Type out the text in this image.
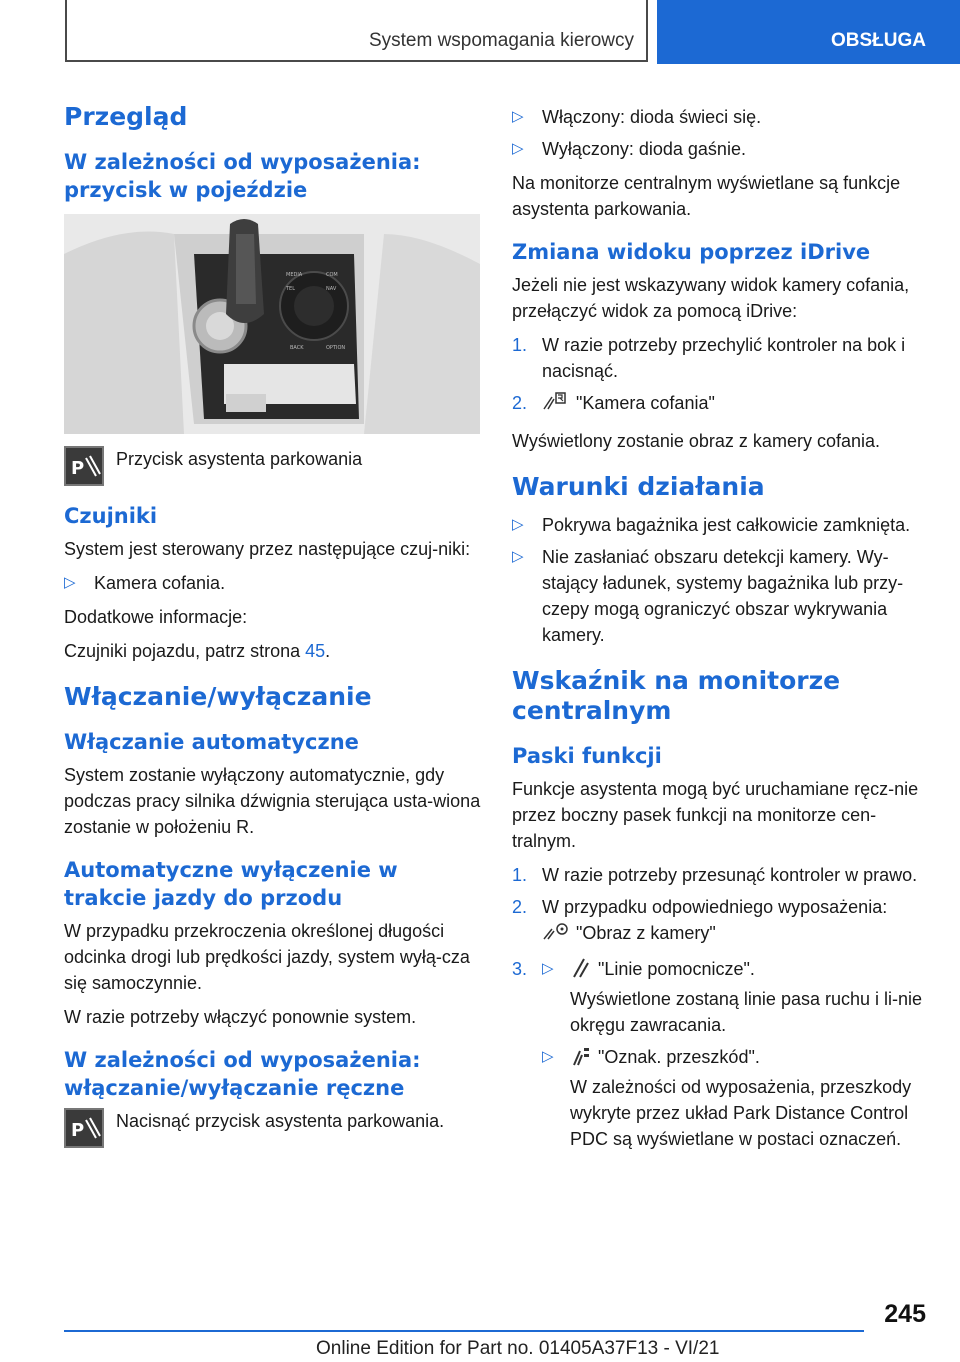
System wspomagania kierowcy	OBSŁUGA
Przegląd
W zależności od wyposażenia: przycisk w pojeździe
MEDIA
TEL	NAV
COM
BACK	OPTION
P Przycisk asystenta parkowania

Czujniki

System jest sterowany przez następujące czuj-niki:

▷ Kamera cofania.

Dodatkowe informacje:

Czujniki pojazdu, patrz strona 45.

Włączanie/wyłączanie
Włączanie automatyczne

System zostanie wyłączony automatycznie, gdy podczas pracy silnika dźwignia sterująca usta-wiona zostanie w położeniu R.

Automatyczne wyłączenie w trakcie jazdy do przodu

W przypadku przekroczenia określonej długości odcinka drogi lub prędkości jazdy, system wyłą-cza się samoczynnie.

W razie potrzeby włączyć ponownie system.

W zależności od wyposażenia: włączanie/wyłączanie ręczne
P Nacisnąć przycisk asystenta parkowania.

▷ Włączony: dioda świeci się.
▷ Wyłączony: dioda gaśnie.

Na monitorze centralnym wyświetlane są funkcje asystenta parkowania.

Zmiana widoku poprzez iDrive

Jeżeli nie jest wskazywany widok kamery cofania, przełączyć widok za pomocą iDrive:

1. W razie potrzeby przechylić kontroler na bok i nacisnąć.
2.	"Kamera cofania"

Wyświetlony zostanie obraz z kamery cofania.

Warunki działania
▷ Pokrywa bagażnika jest całkowicie zamknięta.
▷ Nie zasłaniać obszaru detekcji kamery. Wy-stający ładunek, systemy bagażnika lub przy-czepy mogą ograniczyć obszar wykrywania kamery.
Wskaźnik na monitorze centralnym
Paski funkcji

Funkcje asystenta mogą być uruchamiane ręcz-nie przez boczny pasek funkcji na monitorze cen-tralnym.

1. W razie potrzeby przesunąć kontroler w prawo.
2. W przypadku odpowiedniego wyposażenia:
"Obraz z kamery"
3. ▷ "Linie pomocnicze".
Wyświetlone zostaną linie pasa ruchu i li-nie okręgu zawracania.
▷ "Oznak. przeszkód".
W zależności od wyposażenia, przeszkody wykryte przez układ Park Distance Control PDC są wyświetlane w postaci oznaczeń.
245
Online Edition for Part no. 01405A37F13 - VI/21
